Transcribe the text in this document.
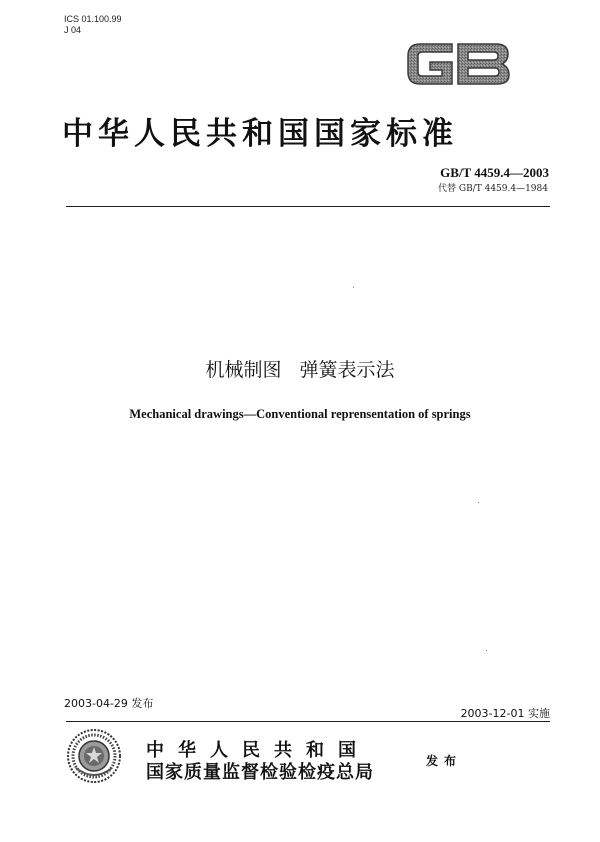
ICS 01.100.99
J 04
中华人民共和国国家标准
GB/T 4459.4—2003
代替 GB/T 4459.4—1984
机械制图   弹簧表示法
Mechanical drawings—Conventional reprensentation of springs
2003-04-29 发布
2003-12-01 实施
中华人民共和国
国家质量监督检验检疫总局
发布
